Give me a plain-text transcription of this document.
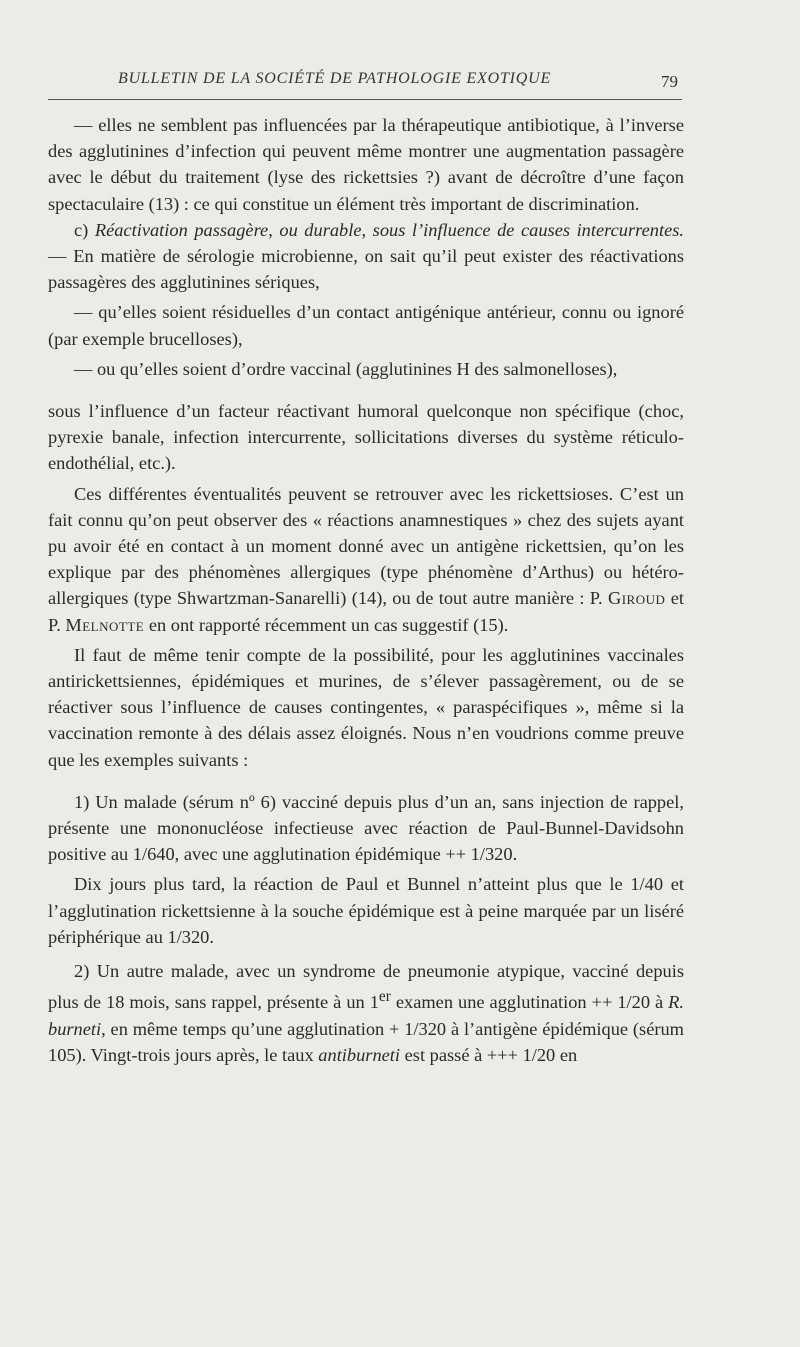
BULLETIN DE LA SOCIÉTÉ DE PATHOLOGIE EXOTIQUE	79

— elles ne semblent pas influencées par la thérapeutique antibiotique, à l’inverse des agglutinines d’infection qui peuvent même montrer une augmentation passagère avec le début du traitement (lyse des rickettsies ?) avant de décroître d’une façon spectaculaire (13) : ce qui constitue un élément très important de discrimination.

c) Réactivation passagère, ou durable, sous l’influence de causes intercurrentes. — En matière de sérologie microbienne, on sait qu’il peut exister des réactivations passagères des agglutinines sériques,

— qu’elles soient résiduelles d’un contact antigénique antérieur, connu ou ignoré (par exemple brucelloses),

— ou qu’elles soient d’ordre vaccinal (agglutinines H des salmonelloses),

sous l’influence d’un facteur réactivant humoral quelconque non spécifique (choc, pyrexie banale, infection intercurrente, sollicitations diverses du système réticulo-endothélial, etc.).

Ces différentes éventualités peuvent se retrouver avec les rickettsioses. C’est un fait connu qu’on peut observer des « réactions anamnestiques » chez des sujets ayant pu avoir été en contact à un moment donné avec un antigène rickettsien, qu’on les explique par des phénomènes allergiques (type phénomène d’Arthus) ou hétéro-allergiques (type Shwartzman-Sanarelli) (14), ou de tout autre manière : P. Giroud et P. Melnotte en ont rapporté récemment un cas suggestif (15).

Il faut de même tenir compte de la possibilité, pour les agglutinines vaccinales antirickettsiennes, épidémiques et murines, de s’élever passagèrement, ou de se réactiver sous l’influence de causes contingentes, « paraspécifiques », même si la vaccination remonte à des délais assez éloignés. Nous n’en voudrions comme preuve que les exemples suivants :

1) Un malade (sérum nº 6) vacciné depuis plus d’un an, sans injection de rappel, présente une mononucléose infectieuse avec réaction de Paul-Bunnel-Davidsohn positive au 1/640, avec une agglutination épidémique ++ 1/320.

Dix jours plus tard, la réaction de Paul et Bunnel n’atteint plus que le 1/40 et l’agglutination rickettsienne à la souche épidémique est à peine marquée par un liséré périphérique au 1/320.

2) Un autre malade, avec un syndrome de pneumonie atypique, vacciné depuis plus de 18 mois, sans rappel, présente à un 1er examen une agglutination ++ 1/20 à R. burneti, en même temps qu’une agglutination + 1/320 à l’antigène épidémique (sérum 105). Vingt-trois jours après, le taux antiburneti est passé à +++ 1/20 en
